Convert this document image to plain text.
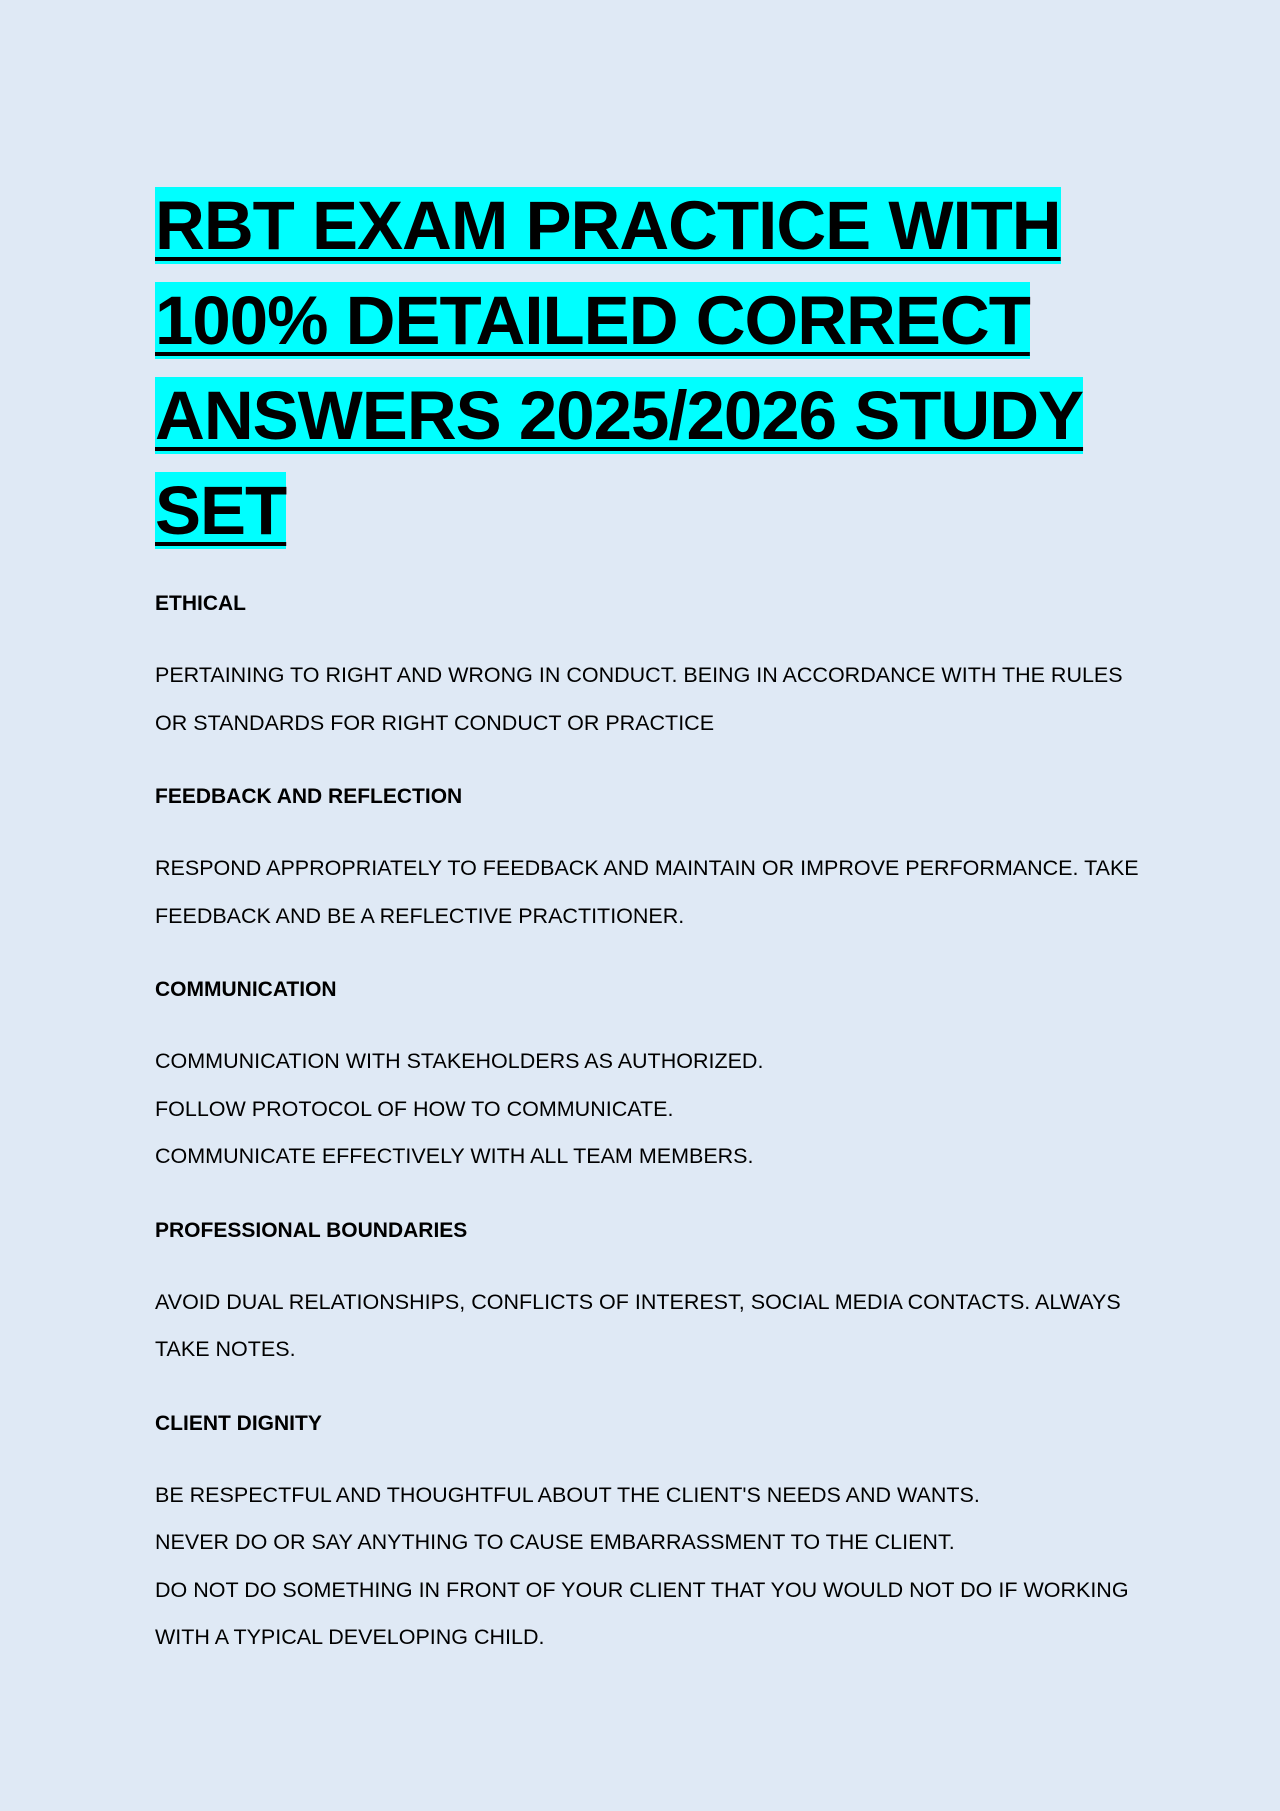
RBT EXAM PRACTICE WITH 100% DETAILED CORRECT ANSWERS 2025/2026 STUDY SET
ETHICAL
PERTAINING TO RIGHT AND WRONG IN CONDUCT. BEING IN ACCORDANCE WITH THE RULES OR STANDARDS FOR RIGHT CONDUCT OR PRACTICE
FEEDBACK AND REFLECTION
RESPOND APPROPRIATELY TO FEEDBACK AND MAINTAIN OR IMPROVE PERFORMANCE. TAKE FEEDBACK AND BE A REFLECTIVE PRACTITIONER.
COMMUNICATION
COMMUNICATION WITH STAKEHOLDERS AS AUTHORIZED.
FOLLOW PROTOCOL OF HOW TO COMMUNICATE.
COMMUNICATE EFFECTIVELY WITH ALL TEAM MEMBERS.
PROFESSIONAL BOUNDARIES
AVOID DUAL RELATIONSHIPS, CONFLICTS OF INTEREST, SOCIAL MEDIA CONTACTS. ALWAYS TAKE NOTES.
CLIENT DIGNITY
BE RESPECTFUL AND THOUGHTFUL ABOUT THE CLIENT'S NEEDS AND WANTS.
NEVER DO OR SAY ANYTHING TO CAUSE EMBARRASSMENT TO THE CLIENT.
DO NOT DO SOMETHING IN FRONT OF YOUR CLIENT THAT YOU WOULD NOT DO IF WORKING WITH A TYPICAL DEVELOPING CHILD.
